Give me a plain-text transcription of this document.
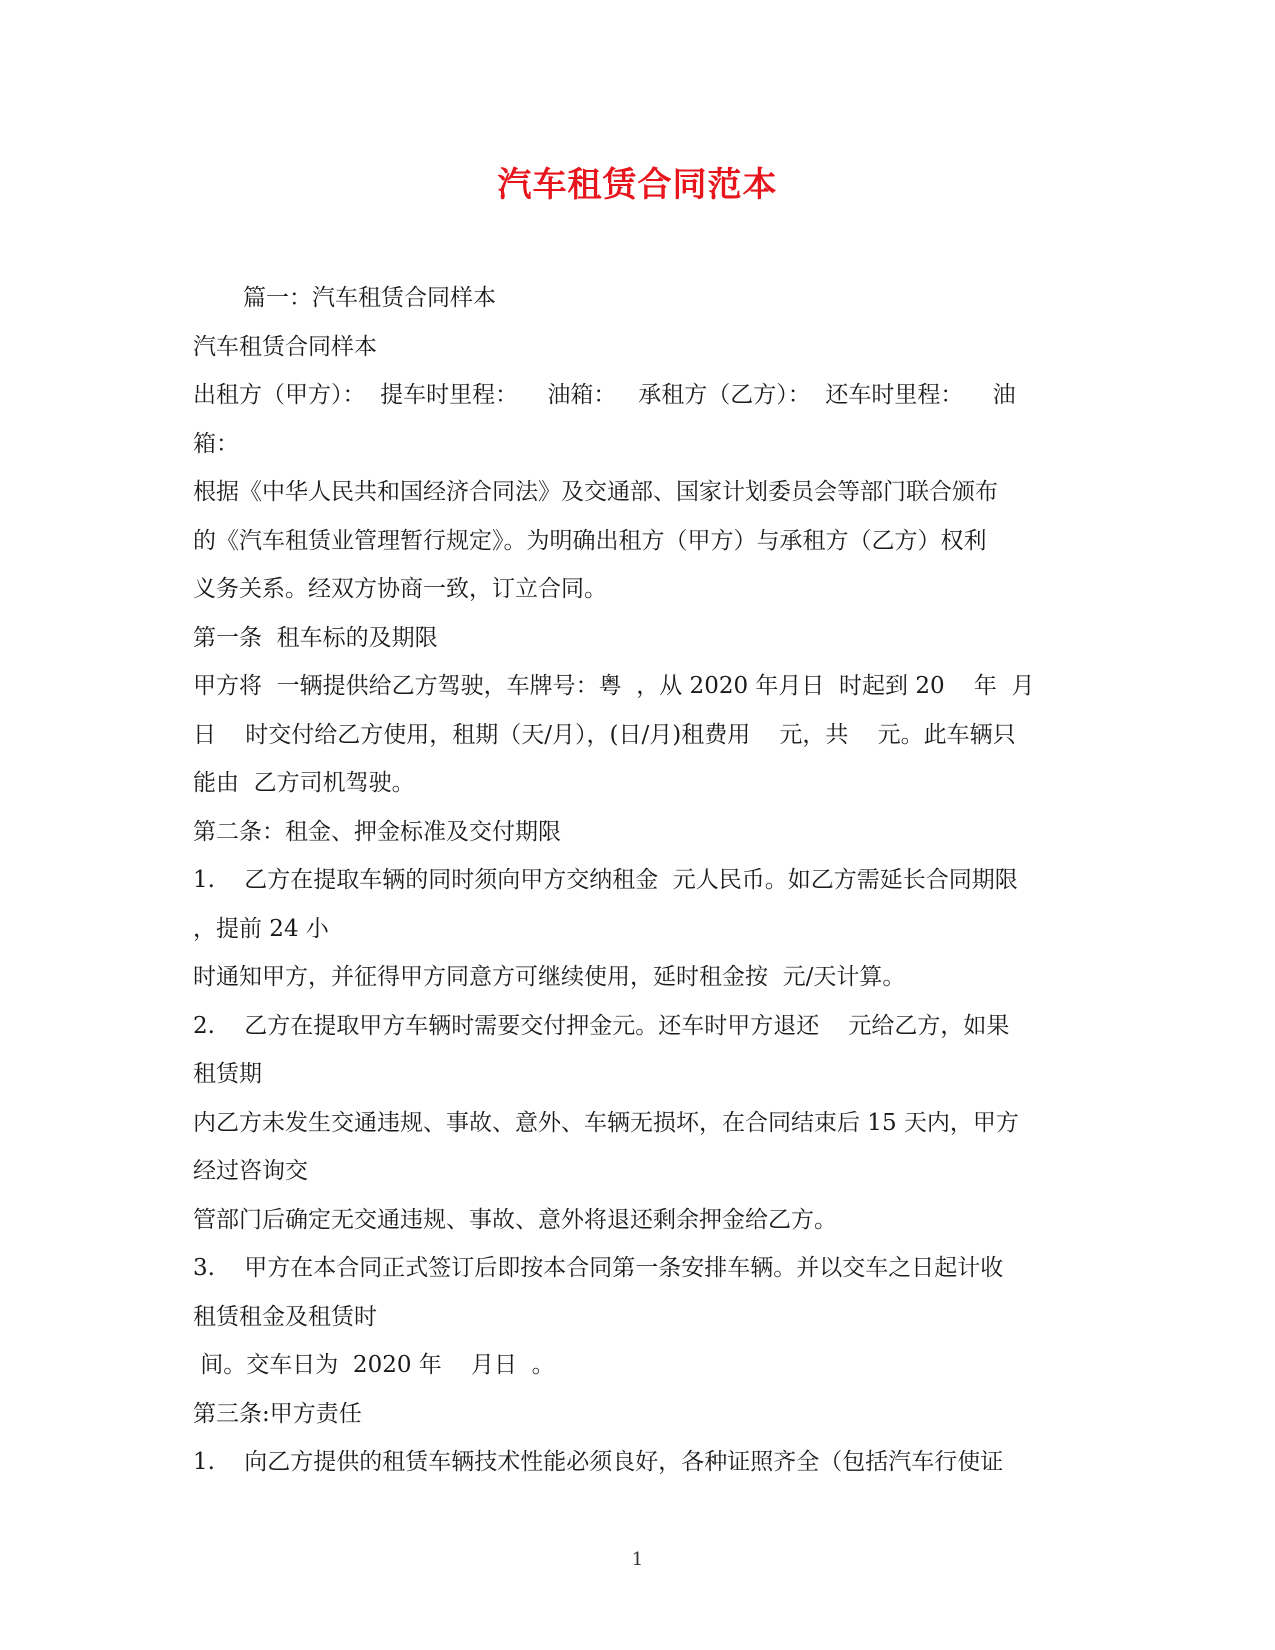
汽车租赁合同范本
篇一：汽车租赁合同样本
汽车租赁合同样本
出租方（甲方）：  提车时里程：    油箱：   承租方（乙方）：  还车时里程：    油
箱：
根据《中华人民共和国经济合同法》及交通部、国家计划委员会等部门联合颁布
的《汽车租赁业管理暂行规定》。为明确出租方（甲方）与承租方（乙方）权利
义务关系。经双方协商一致，订立合同。
第一条  租车标的及期限
甲方将  一辆提供给乙方驾驶，车牌号：粤  ，从 2020 年月日  时起到 20    年  月
日    时交付给乙方使用，租期（天/月），(日/月)租费用    元，共    元。此车辆只
能由  乙方司机驾驶。
第二条：租金、押金标准及交付期限
1.    乙方在提取车辆的同时须向甲方交纳租金  元人民币。如乙方需延长合同期限
，提前 24 小
时通知甲方，并征得甲方同意方可继续使用，延时租金按  元/天计算。
2.    乙方在提取甲方车辆时需要交付押金元。还车时甲方退还    元给乙方，如果
租赁期
内乙方未发生交通违规、事故、意外、车辆无损坏，在合同结束后 15 天内，甲方
经过咨询交
管部门后确定无交通违规、事故、意外将退还剩余押金给乙方。
3.    甲方在本合同正式签订后即按本合同第一条安排车辆。并以交车之日起计收
租赁租金及租赁时
间。交车日为  2020 年    月日  。
第三条:甲方责任
1.    向乙方提供的租赁车辆技术性能必须良好，各种证照齐全（包括汽车行使证
1
